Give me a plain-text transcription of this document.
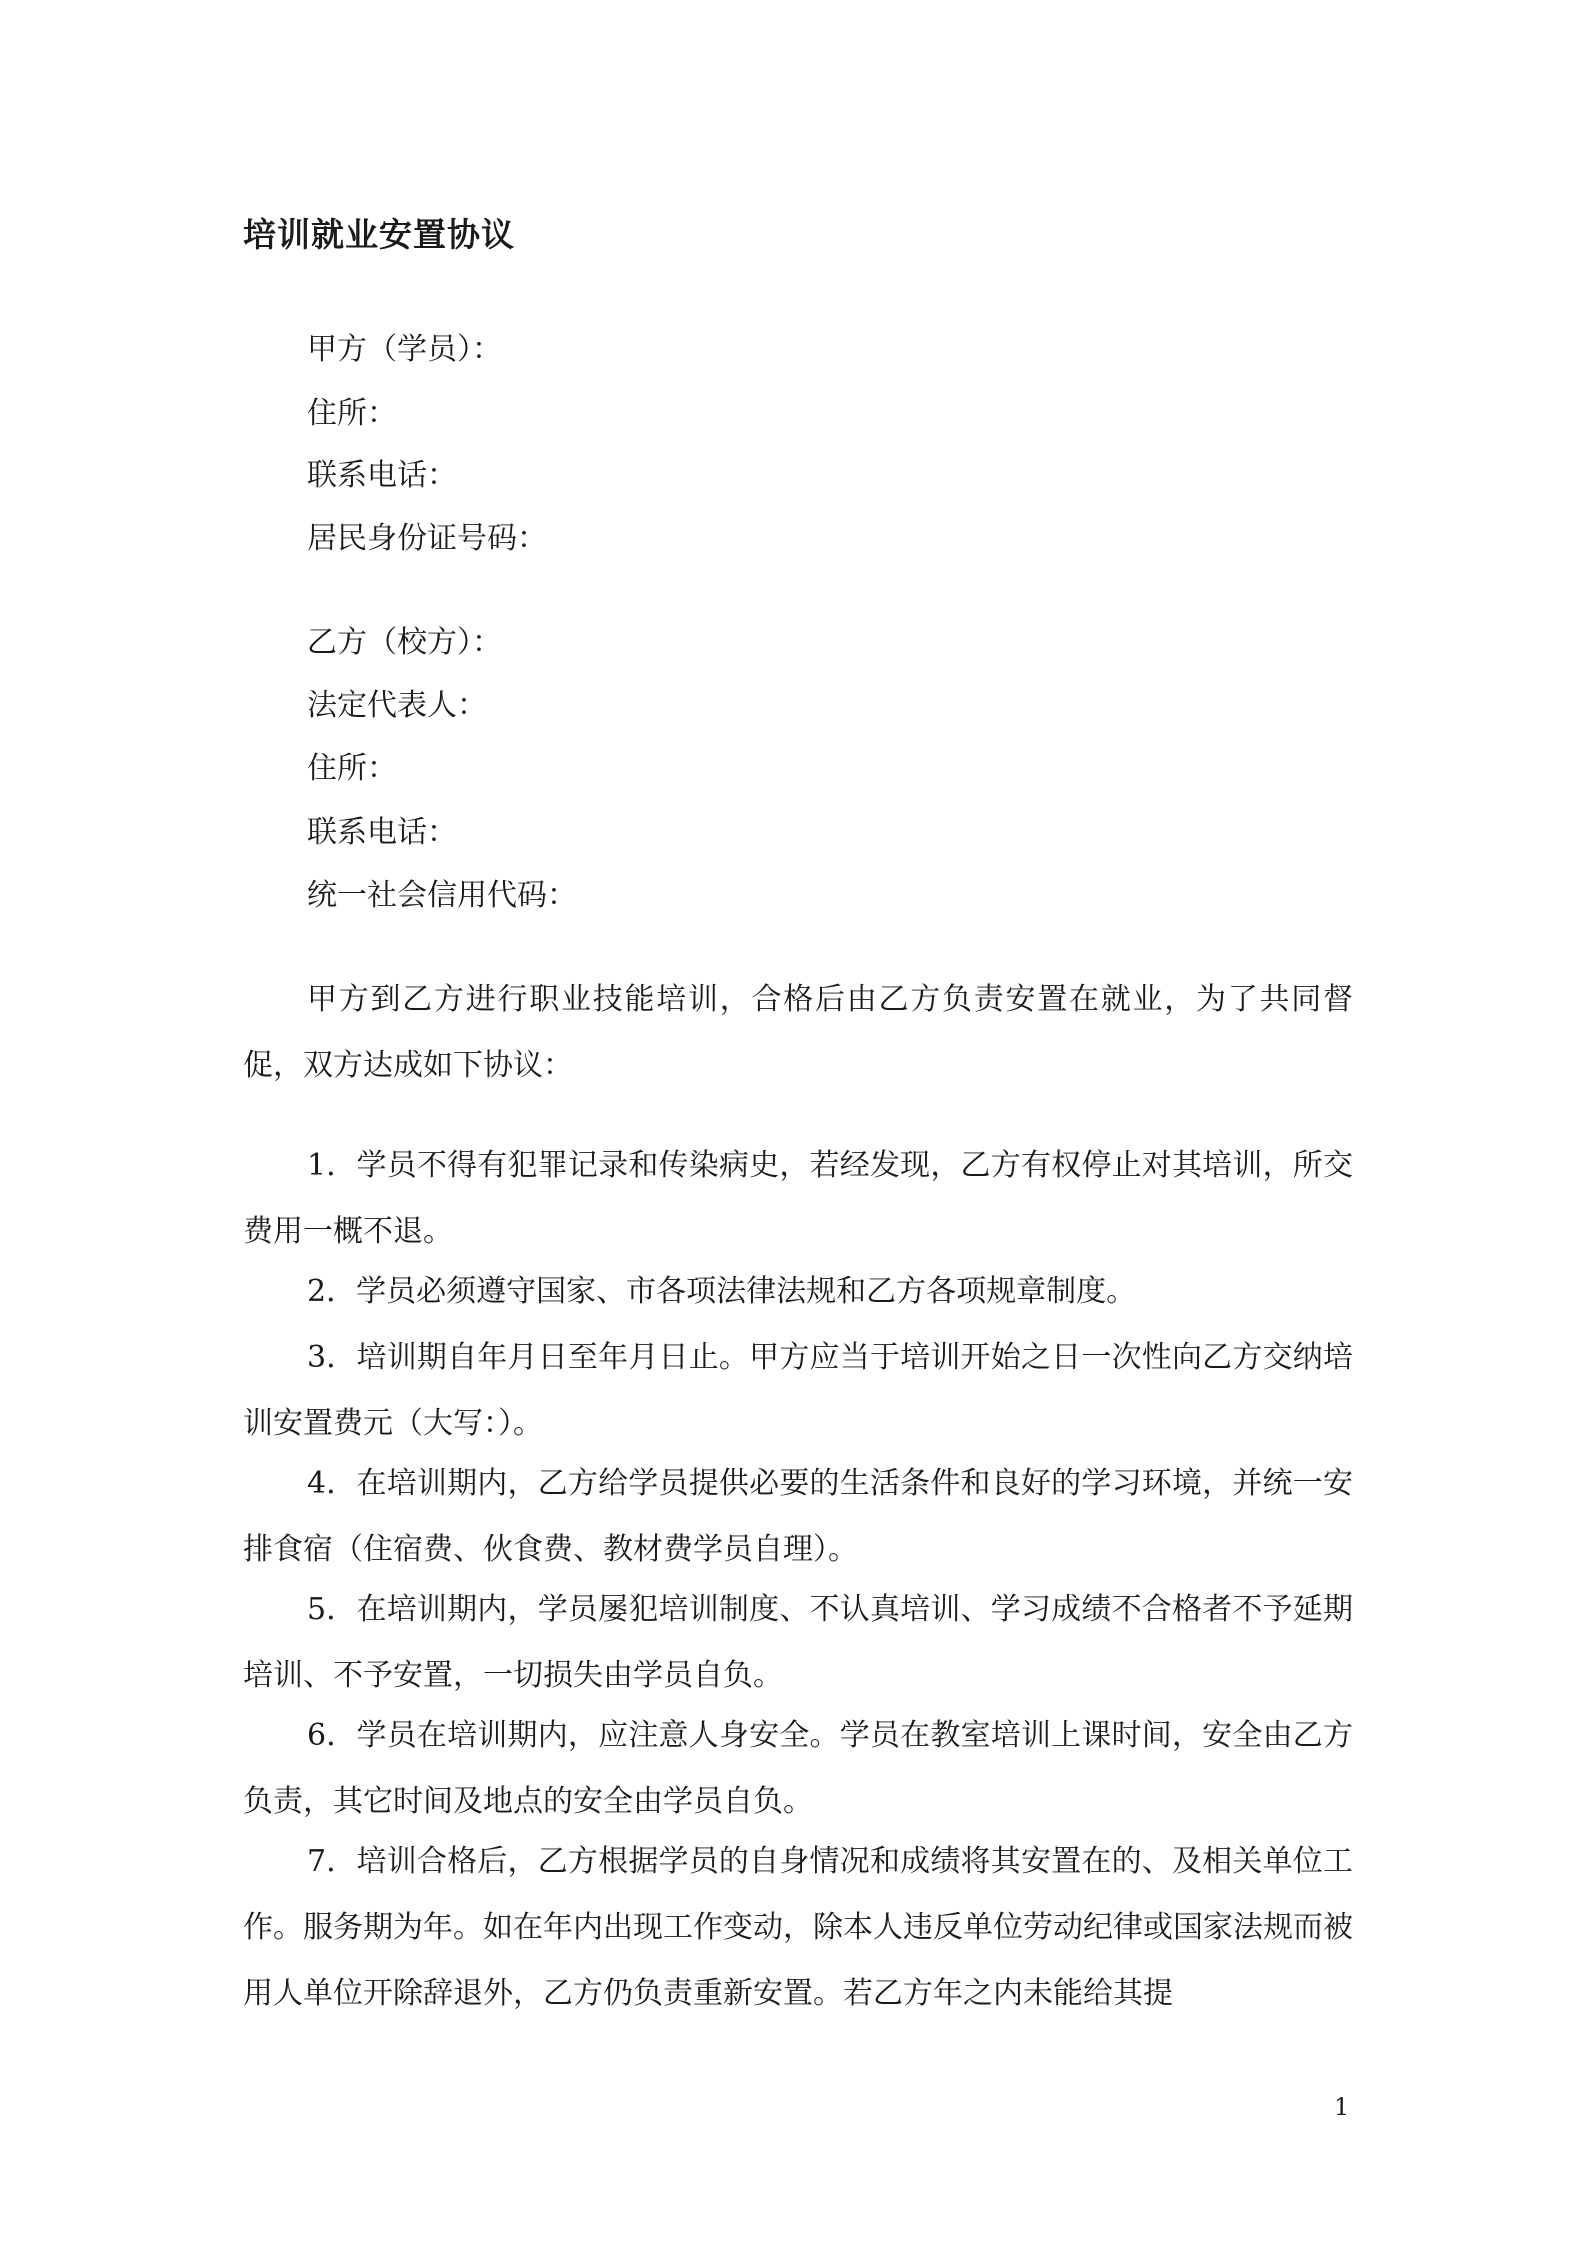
培训就业安置协议
甲方（学员）：
住所：
联系电话：
居民身份证号码：
乙方（校方）：
法定代表人：
住所：
联系电话：
统一社会信用代码：

甲方到乙方进行职业技能培训，合格后由乙方负责安置在就业，为了共同督促，双方达成如下协议：

1．学员不得有犯罪记录和传染病史，若经发现，乙方有权停止对其培训，所交费用一概不退。

2．学员必须遵守国家、市各项法律法规和乙方各项规章制度。

3．培训期自年月日至年月日止。甲方应当于培训开始之日一次性向乙方交纳培训安置费元（大写：）。

4．在培训期内，乙方给学员提供必要的生活条件和良好的学习环境，并统一安排食宿（住宿费、伙食费、教材费学员自理）。

5．在培训期内，学员屡犯培训制度、不认真培训、学习成绩不合格者不予延期培训、不予安置，一切损失由学员自负。

6．学员在培训期内，应注意人身安全。学员在教室培训上课时间，安全由乙方负责，其它时间及地点的安全由学员自负。

7．培训合格后，乙方根据学员的自身情况和成绩将其安置在的、及相关单位工作。服务期为年。如在年内出现工作变动，除本人违反单位劳动纪律或国家法规而被用人单位开除辞退外，乙方仍负责重新安置。若乙方年之内未能给其提

1
